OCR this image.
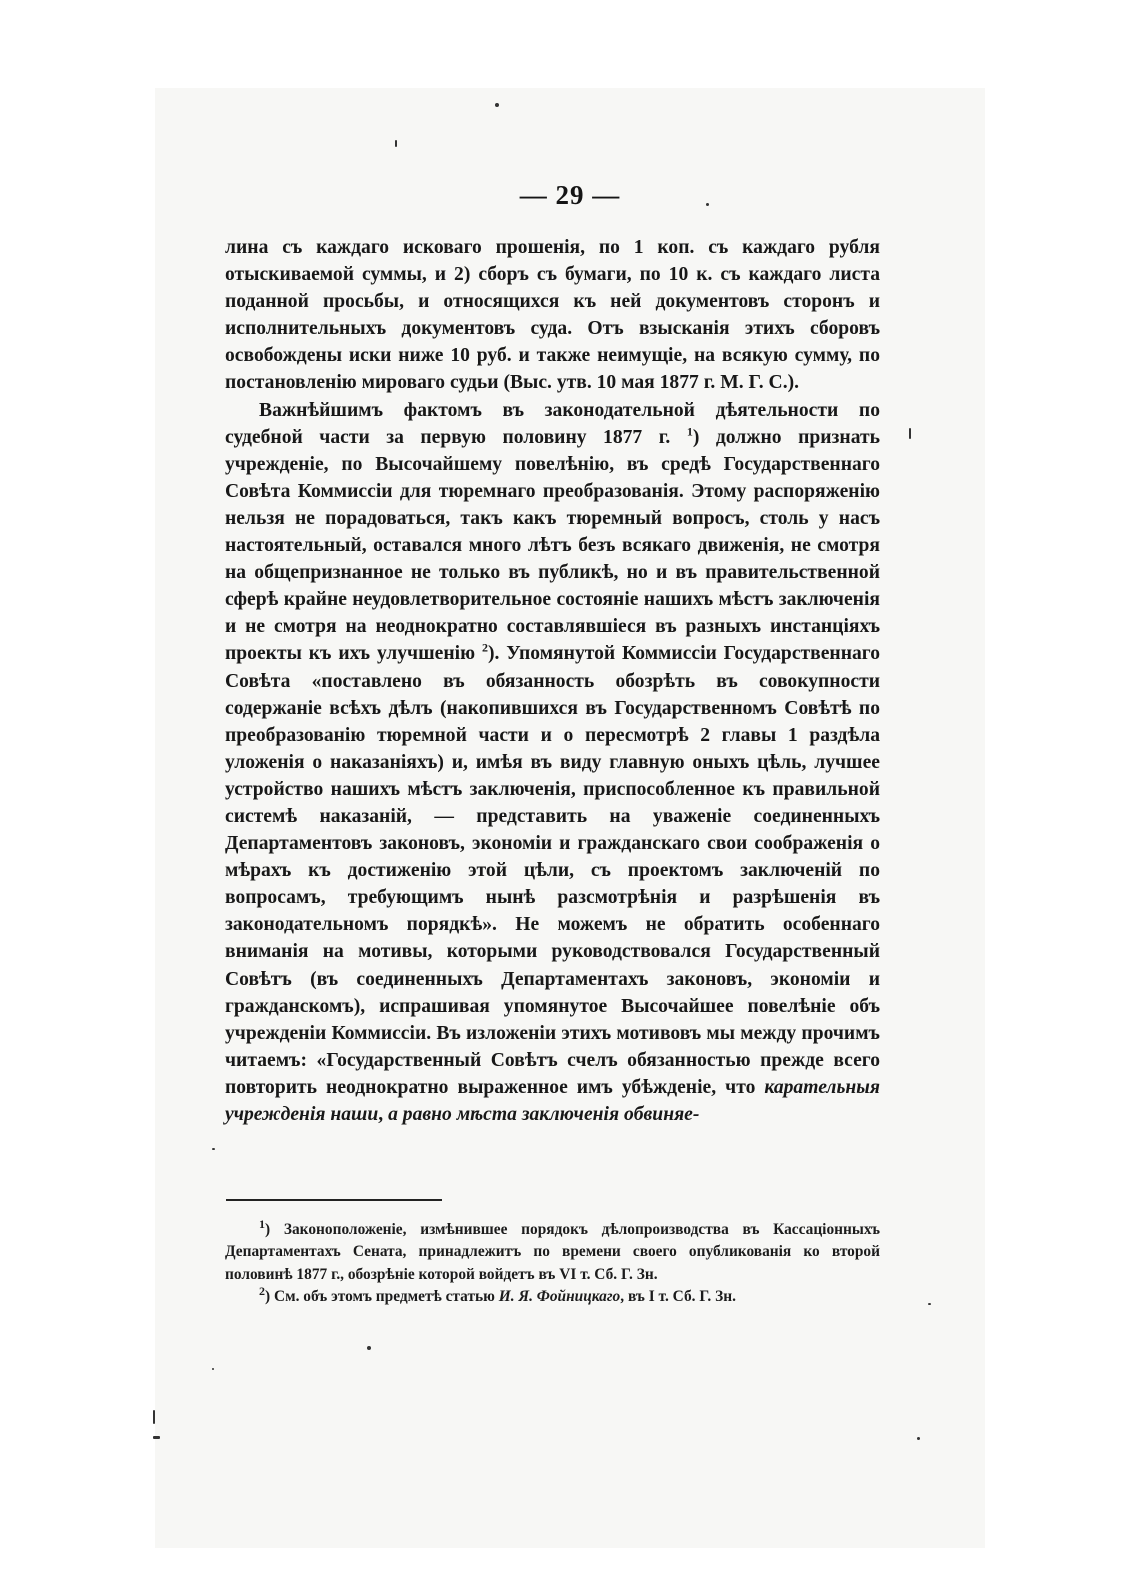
— 29 —

лина съ каждаго исковаго прошенія, по 1 коп. съ каждаго рубля отыскиваемой суммы, и 2) сборъ съ бумаги, по 10 к. съ каждаго листа поданной просьбы, и относящихся къ ней документовъ сторонъ и исполнительныхъ документовъ суда. Отъ взысканія этихъ сборовъ освобождены иски ниже 10 руб. и также неимущіе, на всякую сумму, по постановленію мироваго судьи (Выс. утв. 10 мая 1877 г. М. Г. С.).

Важнѣйшимъ фактомъ въ законодательной дѣятельности по судебной части за первую половину 1877 г. $^1$) должно признать учрежденіе, по Высочайшему повелѣнію, въ средѣ Государственнаго Совѣта Коммиссіи для тюремнаго преобразованія. Этому распоряженію нельзя не порадоваться, такъ какъ тюремный вопросъ, столь у насъ настоятельный, оставался много лѣтъ безъ всякаго движенія, не смотря на общепризнанное не только въ публикѣ, но и въ правительственной сферѣ крайне неудовлетворительное состояніе нашихъ мѣстъ заключенія и не смотря на неоднократно составлявшіеся въ разныхъ инстанціяхъ проекты къ ихъ улучшенію $^2$). Упомянутой Коммиссіи Государственнаго Совѣта «поставлено въ обязанность обозрѣть въ совокупности содержаніе всѣхъ дѣлъ (накопившихся въ Государственномъ Совѣтѣ по преобразованію тюремной части и о пересмотрѣ 2 главы 1 раздѣла уложенія о наказаніяхъ) и, имѣя въ виду главную оныхъ цѣль, лучшее устройство нашихъ мѣстъ заключенія, приспособленное къ правильной системѣ наказаній, — представить на уваженіе соединенныхъ Департаментовъ законовъ, экономіи и гражданскаго свои соображенія о мѣрахъ къ достиженію этой цѣли, съ проектомъ заключеній по вопросамъ, требующимъ нынѣ разсмотрѣнія и разрѣшенія въ законодательномъ порядкѣ». Не можемъ не обратить особеннаго вниманія на мотивы, которыми руководствовался Государственный Совѣтъ (въ соединенныхъ Департаментахъ законовъ, экономіи и гражданскомъ), испрашивая упомянутое Высочайшее повелѣніе объ учрежденіи Коммиссіи. Въ изложеніи этихъ мотивовъ мы между прочимъ читаемъ: «Государственный Совѣтъ счелъ обязанностью прежде всего повторить неоднократно выраженное имъ убѣжденіе, что карательныя учрежденія наши, а равно мѣста заключенія обвиняе-

$^1$) Законоположеніе, измѣнившее порядокъ дѣлопроизводства въ Кассаціонныхъ Департаментахъ Сената, принадлежитъ по времени своего опубликованія ко второй половинѣ 1877 г., обозрѣніе которой войдетъ въ VI т. Сб. Г. Зн.

$^2$) См. объ этомъ предметѣ статью И. Я. Фойницкаго, въ I т. Сб. Г. Зн.
